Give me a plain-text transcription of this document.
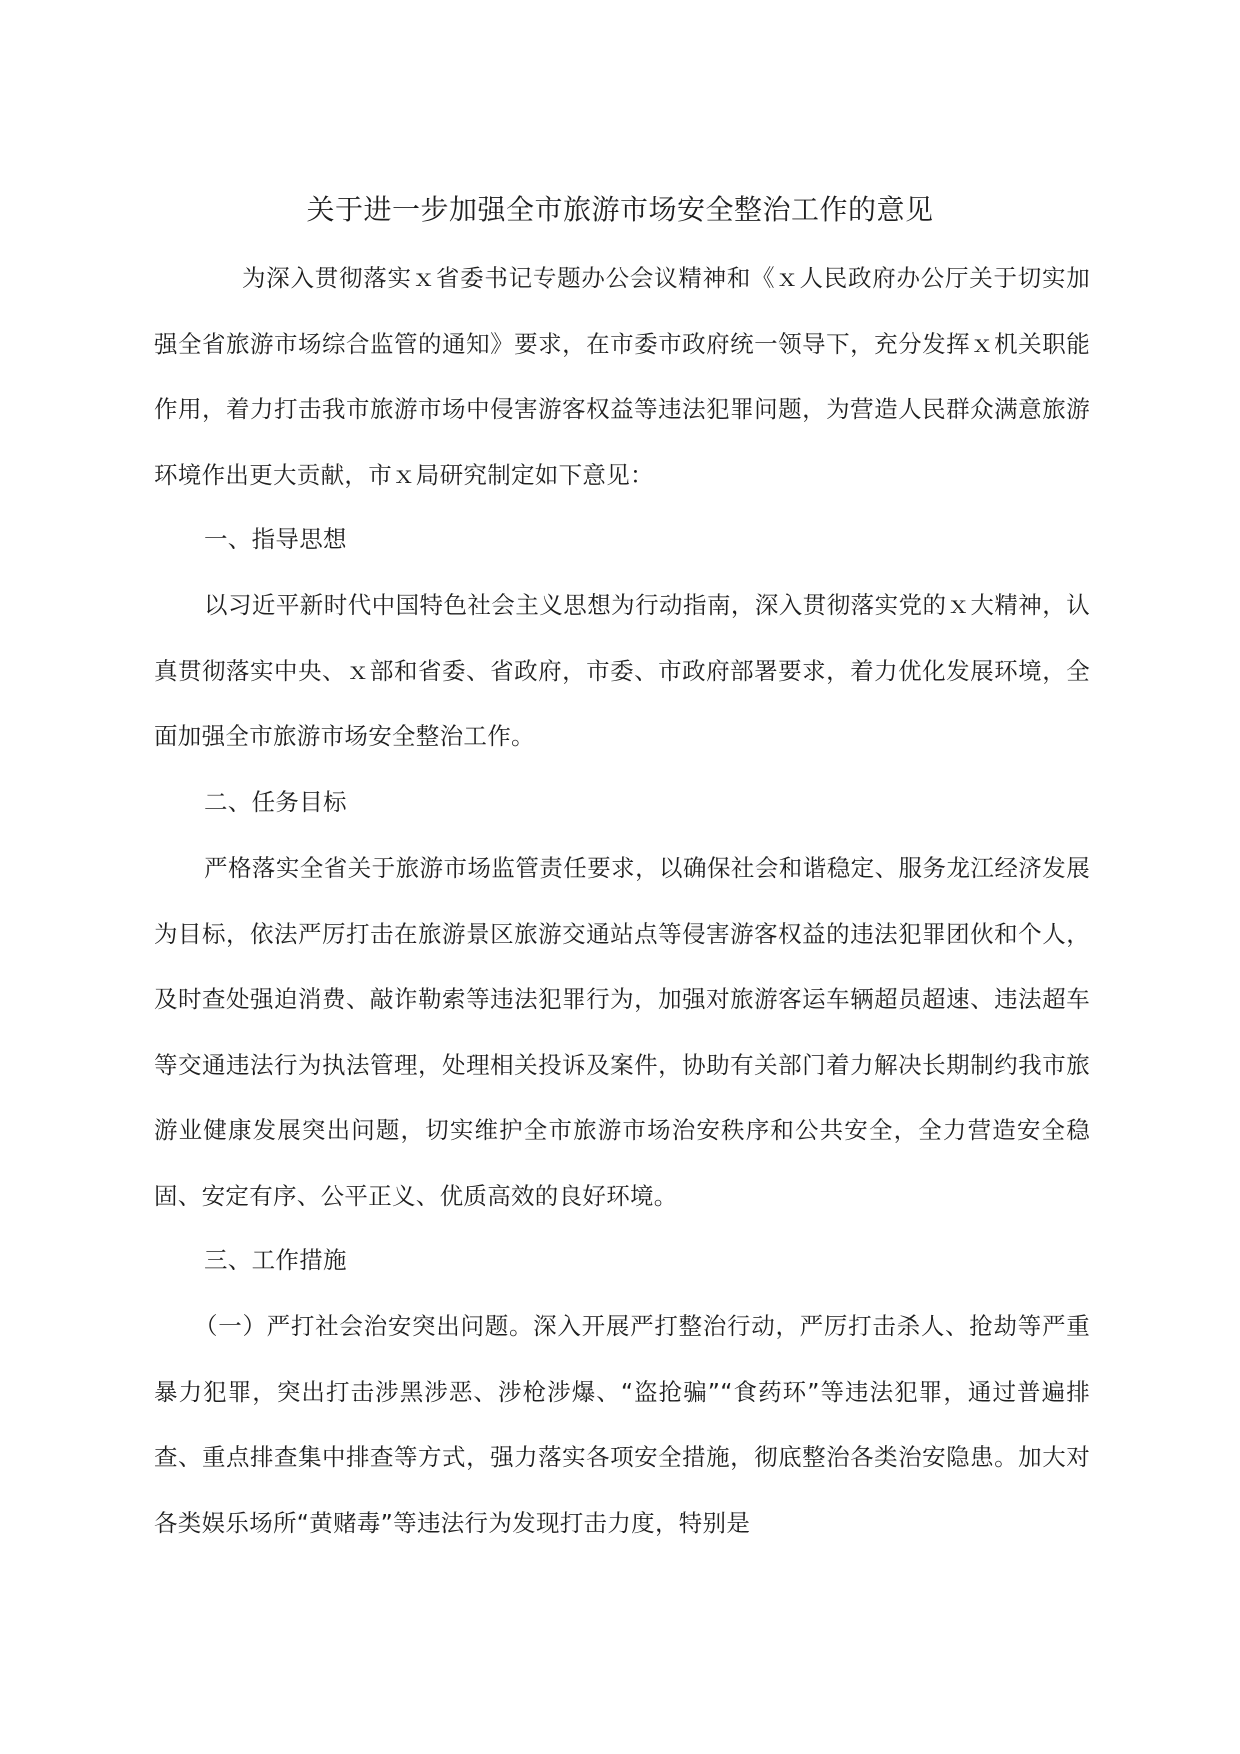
关于进一步加强全市旅游市场安全整治工作的意见

为深入贯彻落实ｘ省委书记专题办公会议精神和《ｘ人民政府办公厅关于切实加强全省旅游市场综合监管的通知》要求，在市委市政府统一领导下，充分发挥ｘ机关职能作用，着力打击我市旅游市场中侵害游客权益等违法犯罪问题，为营造人民群众满意旅游环境作出更大贡献，市ｘ局研究制定如下意见：

一、指导思想

以习近平新时代中国特色社会主义思想为行动指南，深入贯彻落实党的ｘ大精神，认真贯彻落实中央、ｘ部和省委、省政府，市委、市政府部署要求，着力优化发展环境，全面加强全市旅游市场安全整治工作。

二、任务目标

严格落实全省关于旅游市场监管责任要求，以确保社会和谐稳定、服务龙江经济发展为目标，依法严厉打击在旅游景区旅游交通站点等侵害游客权益的违法犯罪团伙和个人，及时查处强迫消费、敲诈勒索等违法犯罪行为，加强对旅游客运车辆超员超速、违法超车等交通违法行为执法管理，处理相关投诉及案件，协助有关部门着力解决长期制约我市旅游业健康发展突出问题，切实维护全市旅游市场治安秩序和公共安全，全力营造安全稳固、安定有序、公平正义、优质高效的良好环境。

三、工作措施

（一）严打社会治安突出问题。深入开展严打整治行动，严厉打击杀人、抢劫等严重暴力犯罪，突出打击涉黑涉恶、涉枪涉爆、“盗抢骗”“食药环”等违法犯罪，通过普遍排查、重点排查集中排查等方式，强力落实各项安全措施，彻底整治各类治安隐患。加大对各类娱乐场所“黄赌毒”等违法行为发现打击力度，特别是
